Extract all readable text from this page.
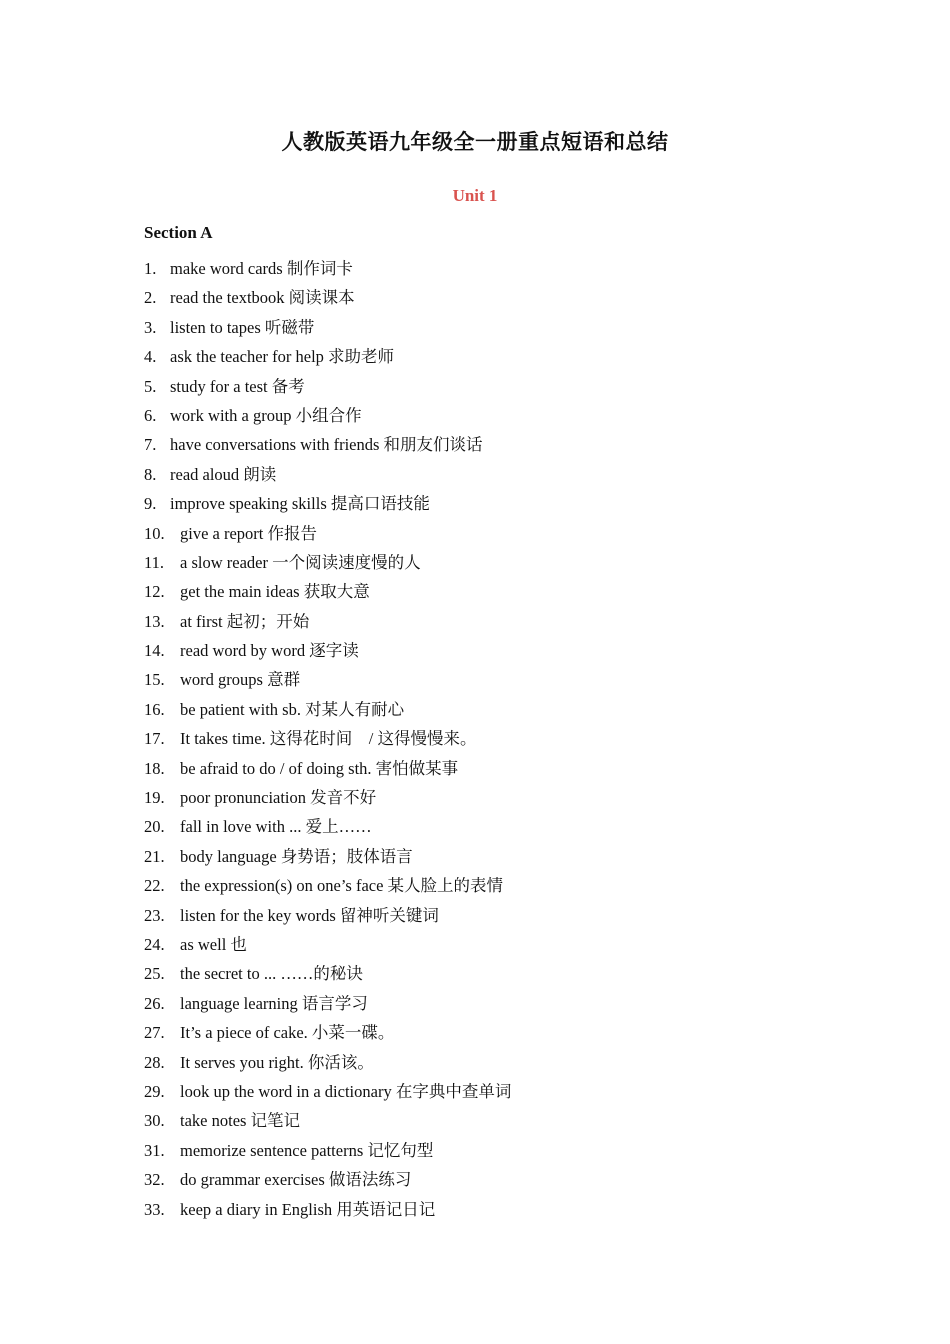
人教版英语九年级全一册重点短语和总结
Unit 1
Section A
1. make word cards 制作词卡
2. read the textbook 阅读课本
3. listen to tapes 听磁带
4. ask the teacher for help 求助老师
5. study for a test 备考
6. work with a group 小组合作
7. have conversations with friends 和朋友们谈话
8. read aloud 朗读
9. improve speaking skills 提高口语技能
10. give a report 作报告
11. a slow reader 一个阅读速度慢的人
12. get the main ideas 获取大意
13. at first 起初；开始
14. read word by word 逐字读
15. word groups 意群
16. be patient with sb. 对某人有耐心
17. It takes time. 这得花时间　/ 这得慢慢来。
18. be afraid to do / of doing sth. 害怕做某事
19. poor pronunciation 发音不好
20. fall in love with ... 爱上……
21. body language 身势语；肢体语言
22. the expression(s) on one’s face 某人脸上的表情
23. listen for the key words 留神听关键词
24. as well 也
25. the secret to ... ……的秘诀
26. language learning 语言学习
27. It’s a piece of cake. 小菜一碟。
28. It serves you right. 你活该。
29. look up the word in a dictionary 在字典中查单词
30. take notes 记笔记
31. memorize sentence patterns 记忆句型
32. do grammar exercises 做语法练习
33. keep a diary in English 用英语记日记
